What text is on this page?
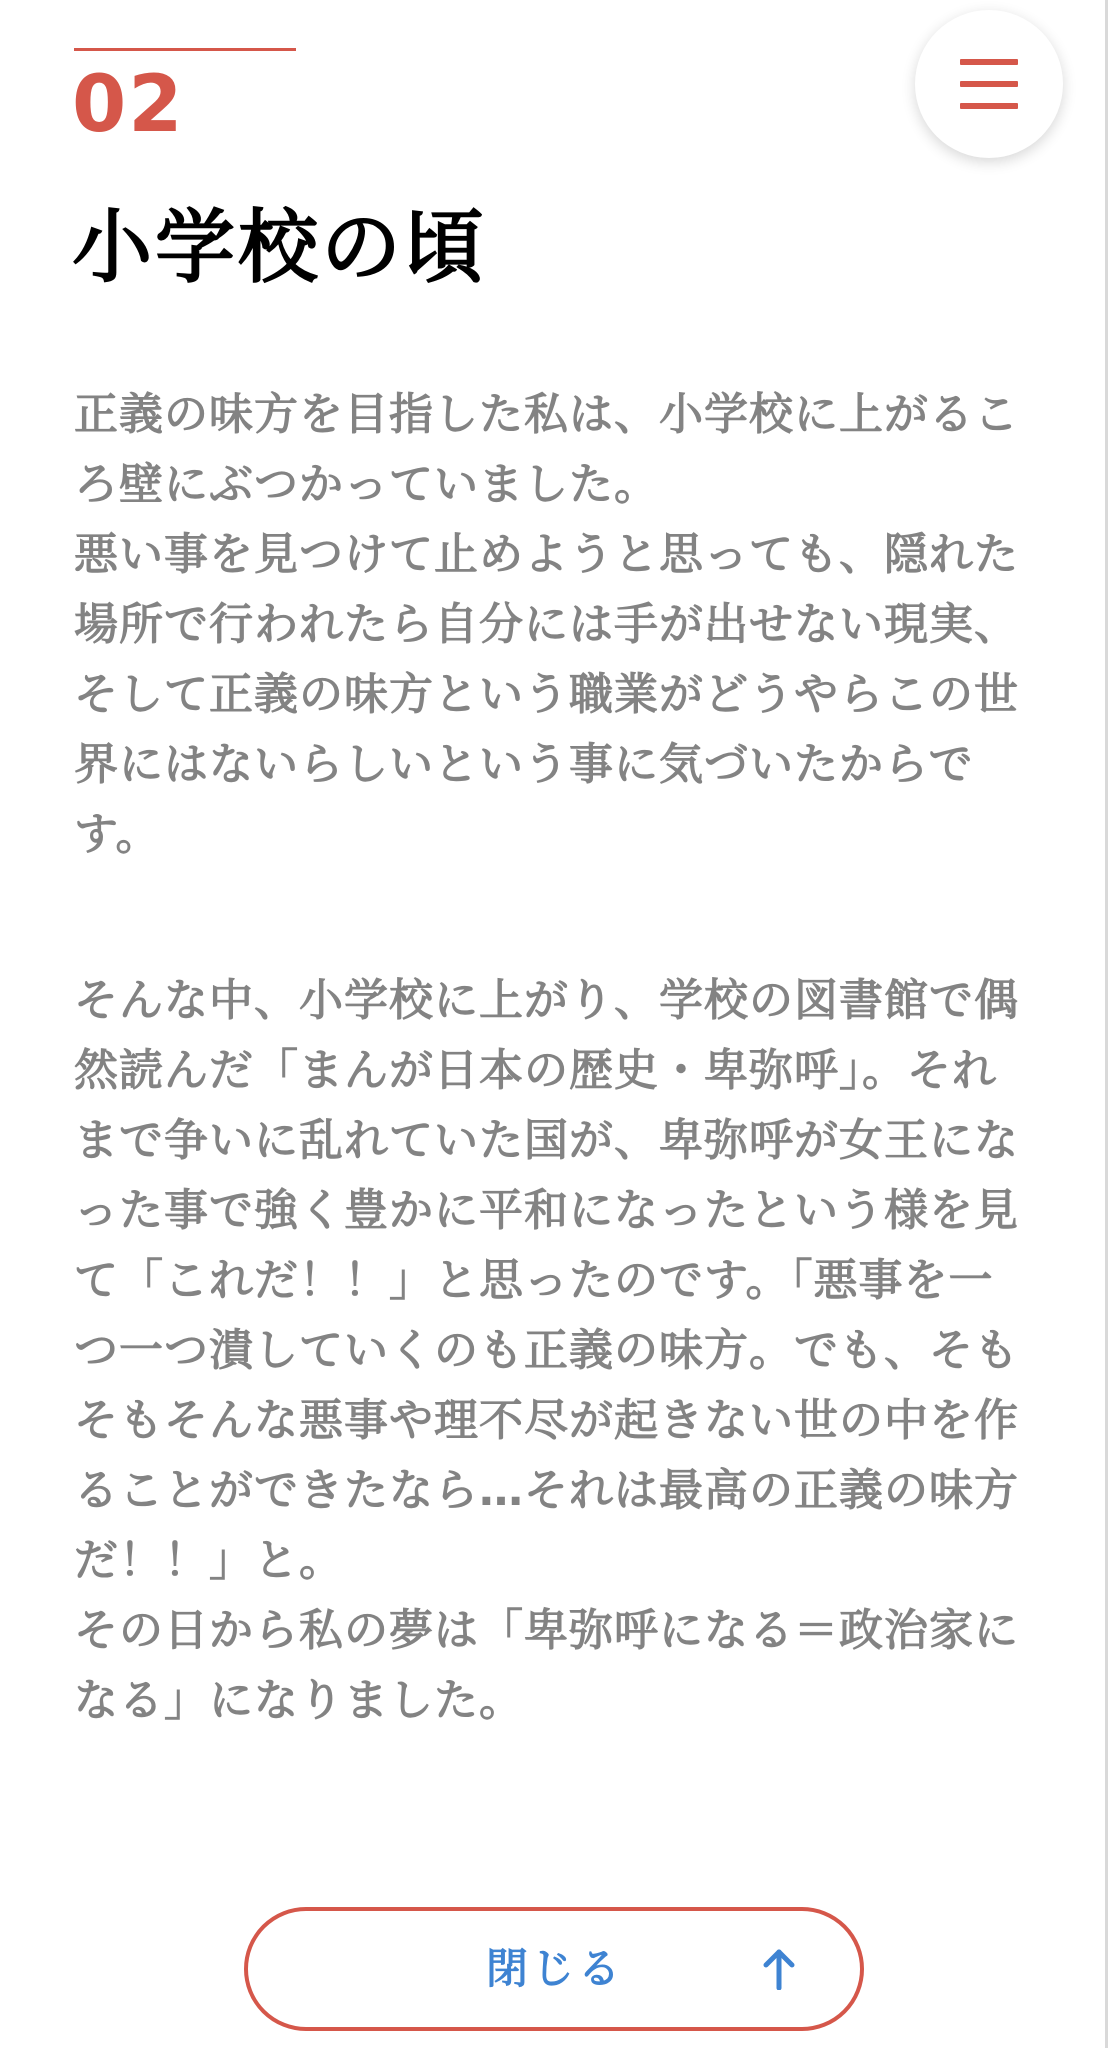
02
小学校の頃

正義の味方を目指した私は、小学校に上がるころ壁にぶつかっていました。
悪い事を見つけて止めようと思っても、隠れた場所で行われたら自分には手が出せない現実、そして正義の味方という職業がどうやらこの世界にはないらしいという事に気づいたからです。

そんな中、小学校に上がり、学校の図書館で偶然読んだ「まんが日本の歴史・卑弥呼」。それまで争いに乱れていた国が、卑弥呼が女王になった事で強く豊かに平和になったという様を見て「これだ！！」と思ったのです。「悪事を一つ一つ潰していくのも正義の味方。でも、そもそもそんな悪事や理不尽が起きない世の中を作ることができたなら…それは最高の正義の味方だ！！」と。
その日から私の夢は「卑弥呼になる＝政治家になる」になりました。

閉じる
